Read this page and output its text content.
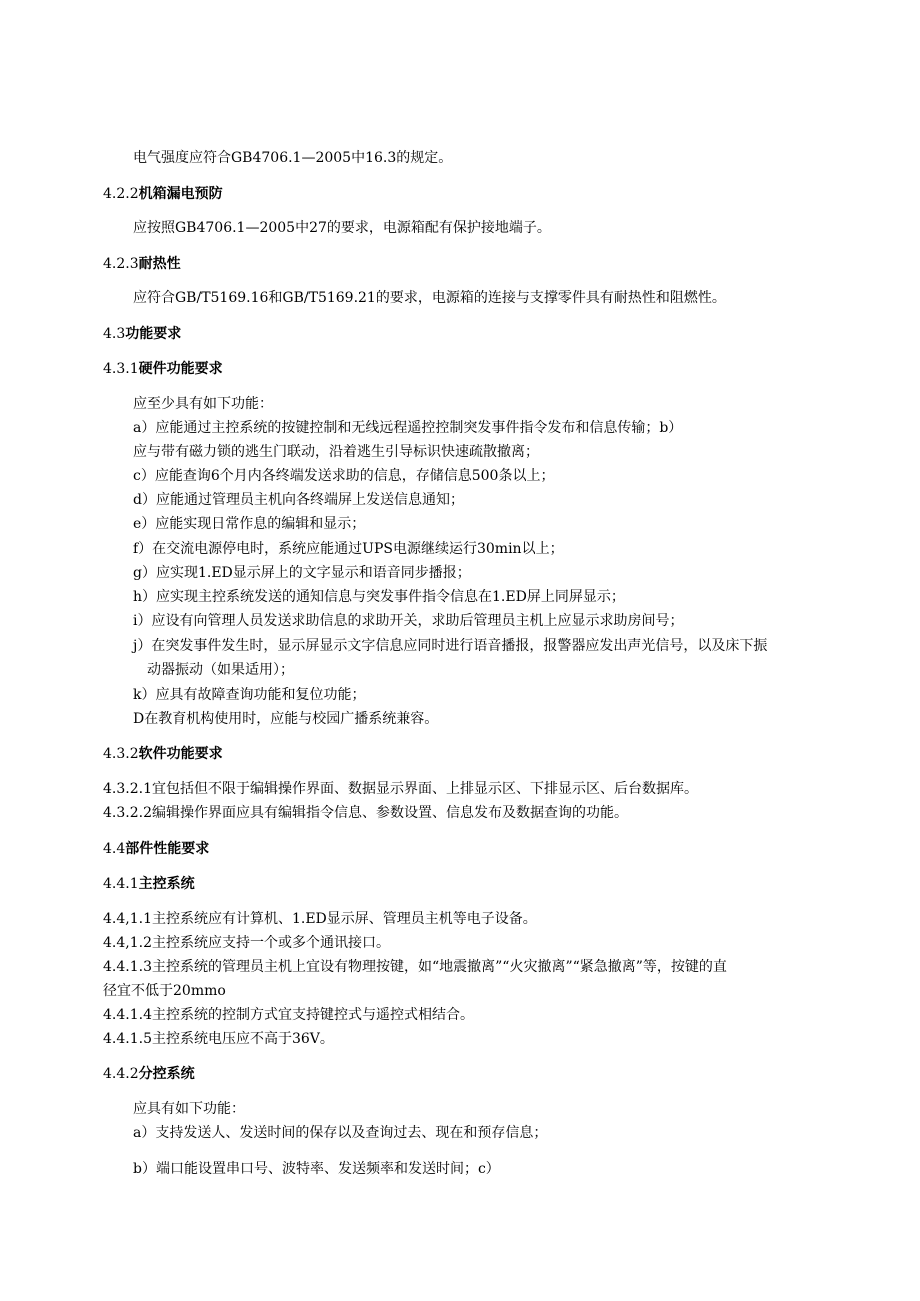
电气强度应符合GB4706.1—2005中16.3的规定。
4.2.2机箱漏电预防
应按照GB4706.1—2005中27的要求，电源箱配有保护接地端子。
4.2.3耐热性
应符合GB/T5169.16和GB/T5169.21的要求，电源箱的连接与支撑零件具有耐热性和阻燃性。
4.3功能要求
4.3.1硬件功能要求
应至少具有如下功能：
a）应能通过主控系统的按键控制和无线远程遥控控制突发事件指令发布和信息传输；b）
应与带有磁力锁的逃生门联动，沿着逃生引导标识快速疏散撤离；
c）应能查询6个月内各终端发送求助的信息，存储信息500条以上；
d）应能通过管理员主机向各终端屏上发送信息通知；
e）应能实现日常作息的编辑和显示；
f）在交流电源停电时，系统应能通过UPS电源继续运行30min以上；
g）应实现1.ED显示屏上的文字显示和语音同步播报；
h）应实现主控系统发送的通知信息与突发事件指令信息在1.ED屏上同屏显示；
i）应设有向管理人员发送求助信息的求助开关，求助后管理员主机上应显示求助房间号；
j）在突发事件发生时，显示屏显示文字信息应同时进行语音播报，报警器应发出声光信号，以及床下振
动器振动（如果适用）；
k）应具有故障查询功能和复位功能；
D在教育机构使用时，应能与校园广播系统兼容。
4.3.2软件功能要求
4.3.2.1宜包括但不限于编辑操作界面、数据显示界面、上排显示区、下排显示区、后台数据库。
4.3.2.2编辑操作界面应具有编辑指令信息、参数设置、信息发布及数据查询的功能。
4.4部件性能要求
4.4.1主控系统
4.4,1.1主控系统应有计算机、1.ED显示屏、管理员主机等电子设备。
4.4,1.2主控系统应支持一个或多个通讯接口。
4.4.1.3主控系统的管理员主机上宜设有物理按键，如“地震撤离”“火灾撤离”“紧急撤离”等，按键的直
径宜不低于20mmo
4.4.1.4主控系统的控制方式宜支持键控式与遥控式相结合。
4.4.1.5主控系统电压应不高于36V。
4.4.2分控系统
应具有如下功能：
a）支持发送人、发送时间的保存以及查询过去、现在和预存信息；
b）端口能设置串口号、波特率、发送频率和发送时间；c）
